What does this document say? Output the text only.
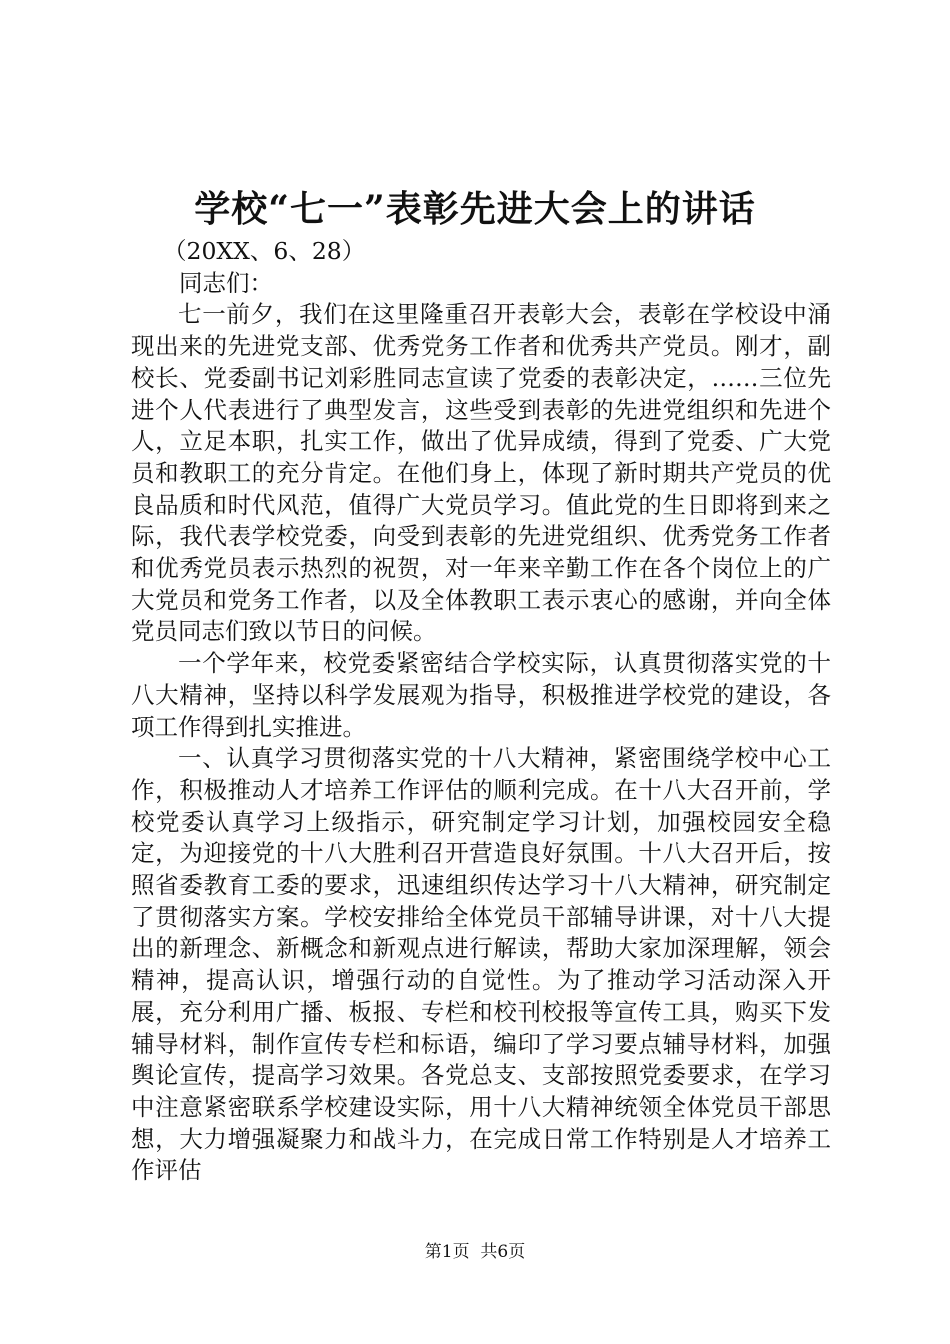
学校“七一”表彰先进大会上的讲话

（20XX、6、28）

同志们：

七一前夕，我们在这里隆重召开表彰大会，表彰在学校设中涌现出来的先进党支部、优秀党务工作者和优秀共产党员。刚才，副校长、党委副书记刘彩胜同志宣读了党委的表彰决定，……三位先进个人代表进行了典型发言，这些受到表彰的先进党组织和先进个人，立足本职，扎实工作，做出了优异成绩，得到了党委、广大党员和教职工的充分肯定。在他们身上，体现了新时期共产党员的优良品质和时代风范，值得广大党员学习。值此党的生日即将到来之际，我代表学校党委，向受到表彰的先进党组织、优秀党务工作者和优秀党员表示热烈的祝贺，对一年来辛勤工作在各个岗位上的广大党员和党务工作者，以及全体教职工表示衷心的感谢，并向全体党员同志们致以节日的问候。

一个学年来，校党委紧密结合学校实际，认真贯彻落实党的十八大精神，坚持以科学发展观为指导，积极推进学校党的建设，各项工作得到扎实推进。

一、认真学习贯彻落实党的十八大精神，紧密围绕学校中心工作，积极推动人才培养工作评估的顺利完成。在十八大召开前，学校党委认真学习上级指示，研究制定学习计划，加强校园安全稳定，为迎接党的十八大胜利召开营造良好氛围。十八大召开后，按照省委教育工委的要求，迅速组织传达学习十八大精神，研究制定了贯彻落实方案。学校安排给全体党员干部辅导讲课，对十八大提出的新理念、新概念和新观点进行解读，帮助大家加深理解，领会精神，提高认识，增强行动的自觉性。为了推动学习活动深入开展，充分利用广播、板报、专栏和校刊校报等宣传工具，购买下发辅导材料，制作宣传专栏和标语，编印了学习要点辅导材料，加强舆论宣传，提高学习效果。各党总支、支部按照党委要求，在学习中注意紧密联系学校建设实际，用十八大精神统领全体党员干部思想，大力增强凝聚力和战斗力，在完成日常工作特别是人才培养工作评估

第1页 共6页
